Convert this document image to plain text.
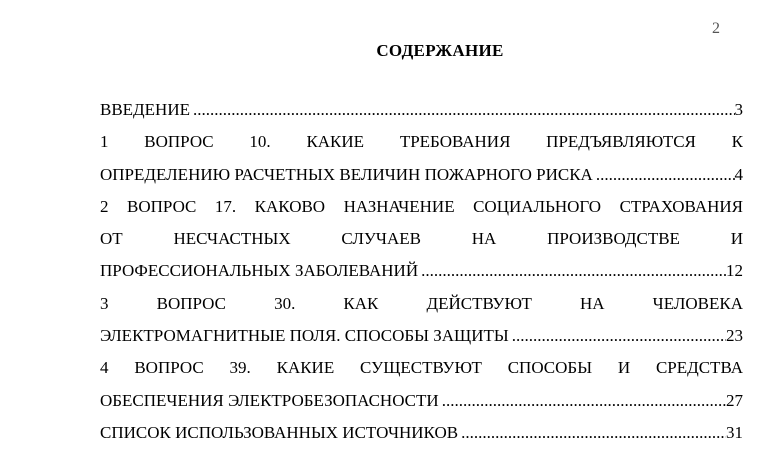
2
СОДЕРЖАНИЕ
ВВЕДЕНИЕ .....	3
1 ВОПРОС 10. КАКИЕ ТРЕБОВАНИЯ ПРЕДЪЯВЛЯЮТСЯ К
ОПРЕДЕЛЕНИЮ РАСЧЕТНЫХ ВЕЛИЧИН ПОЖАРНОГО РИСКА .....	4
2 ВОПРОС 17. КАКОВО НАЗНАЧЕНИЕ СОЦИАЛЬНОГО СТРАХОВАНИЯ
ОТ НЕСЧАСТНЫХ СЛУЧАЕВ НА ПРОИЗВОДСТВЕ И
ПРОФЕССИОНАЛЬНЫХ ЗАБОЛЕВАНИЙ .....	12
3 ВОПРОС 30. КАК ДЕЙСТВУЮТ НА ЧЕЛОВЕКА
ЭЛЕКТРОМАГНИТНЫЕ ПОЛЯ. СПОСОБЫ ЗАЩИТЫ .....	23
4 ВОПРОС 39. КАКИЕ СУЩЕСТВУЮТ СПОСОБЫ И СРЕДСТВА
ОБЕСПЕЧЕНИЯ ЭЛЕКТРОБЕЗОПАСНОСТИ .....	27
СПИСОК ИСПОЛЬЗОВАННЫХ ИСТОЧНИКОВ .....	31
